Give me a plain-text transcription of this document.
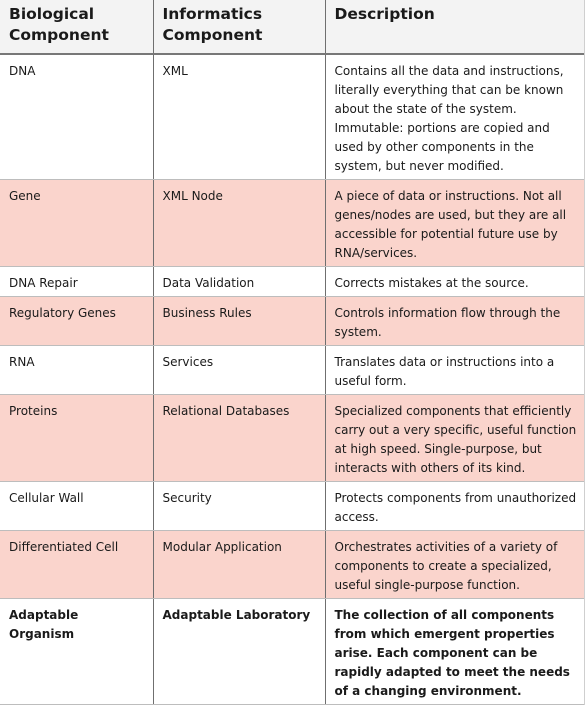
Biological Component	Informatics Component	Description
DNA	XML	Contains all the data and instructions, literally everything that can be known about the state of the system. Immutable: portions are copied and used by other components in the system, but never modified.
Gene	XML Node	A piece of data or instructions. Not all genes/nodes are used, but they are all accessible for potential future use by RNA/services.
DNA Repair	Data Validation	Corrects mistakes at the source.
Regulatory Genes	Business Rules	Controls information flow through the system.
RNA	Services	Translates data or instructions into a useful form.
Proteins	Relational Databases	Specialized components that efficiently carry out a very specific, useful function at high speed. Single-purpose, but interacts with others of its kind.
Cellular Wall	Security	Protects components from unauthorized access.
Differentiated Cell	Modular Application	Orchestrates activities of a variety of components to create a specialized, useful single-purpose function.
Adaptable Organism	Adaptable Laboratory	The collection of all components from which emergent properties arise. Each component can be rapidly adapted to meet the needs of a changing environment.
